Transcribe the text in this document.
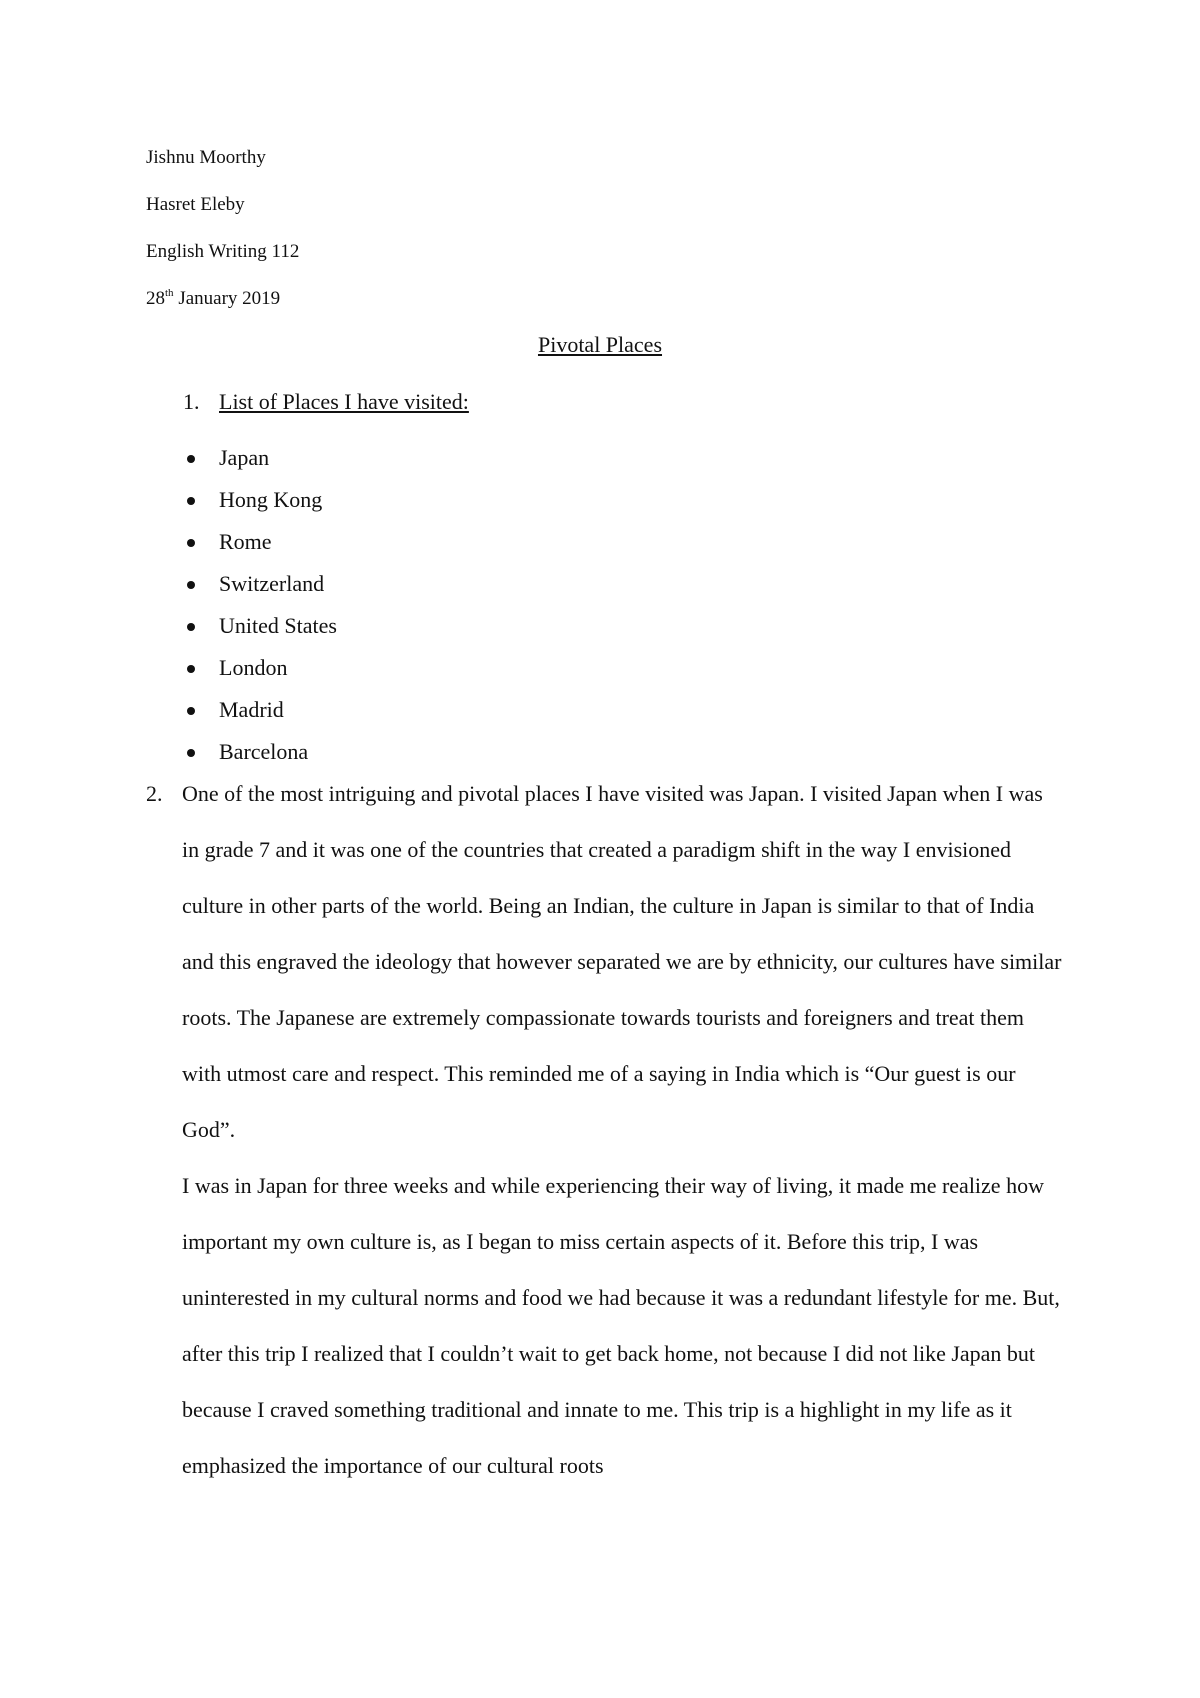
Jishnu Moorthy
Hasret Eleby
English Writing 112
28th January 2019
Pivotal Places
1. List of Places I have visited:
Japan
Hong Kong
Rome
Switzerland
United States
London
Madrid
Barcelona
2. One of the most intriguing and pivotal places I have visited was Japan. I visited Japan when I was in grade 7 and it was one of the countries that created a paradigm shift in the way I envisioned culture in other parts of the world. Being an Indian, the culture in Japan is similar to that of India and this engraved the ideology that however separated we are by ethnicity, our cultures have similar roots. The Japanese are extremely compassionate towards tourists and foreigners and treat them with utmost care and respect. This reminded me of a saying in India which is “Our guest is our God”.

I was in Japan for three weeks and while experiencing their way of living, it made me realize how important my own culture is, as I began to miss certain aspects of it. Before this trip, I was uninterested in my cultural norms and food we had because it was a redundant lifestyle for me. But, after this trip I realized that I couldn’t wait to get back home, not because I did not like Japan but because I craved something traditional and innate to me. This trip is a highlight in my life as it emphasized the importance of our cultural roots
